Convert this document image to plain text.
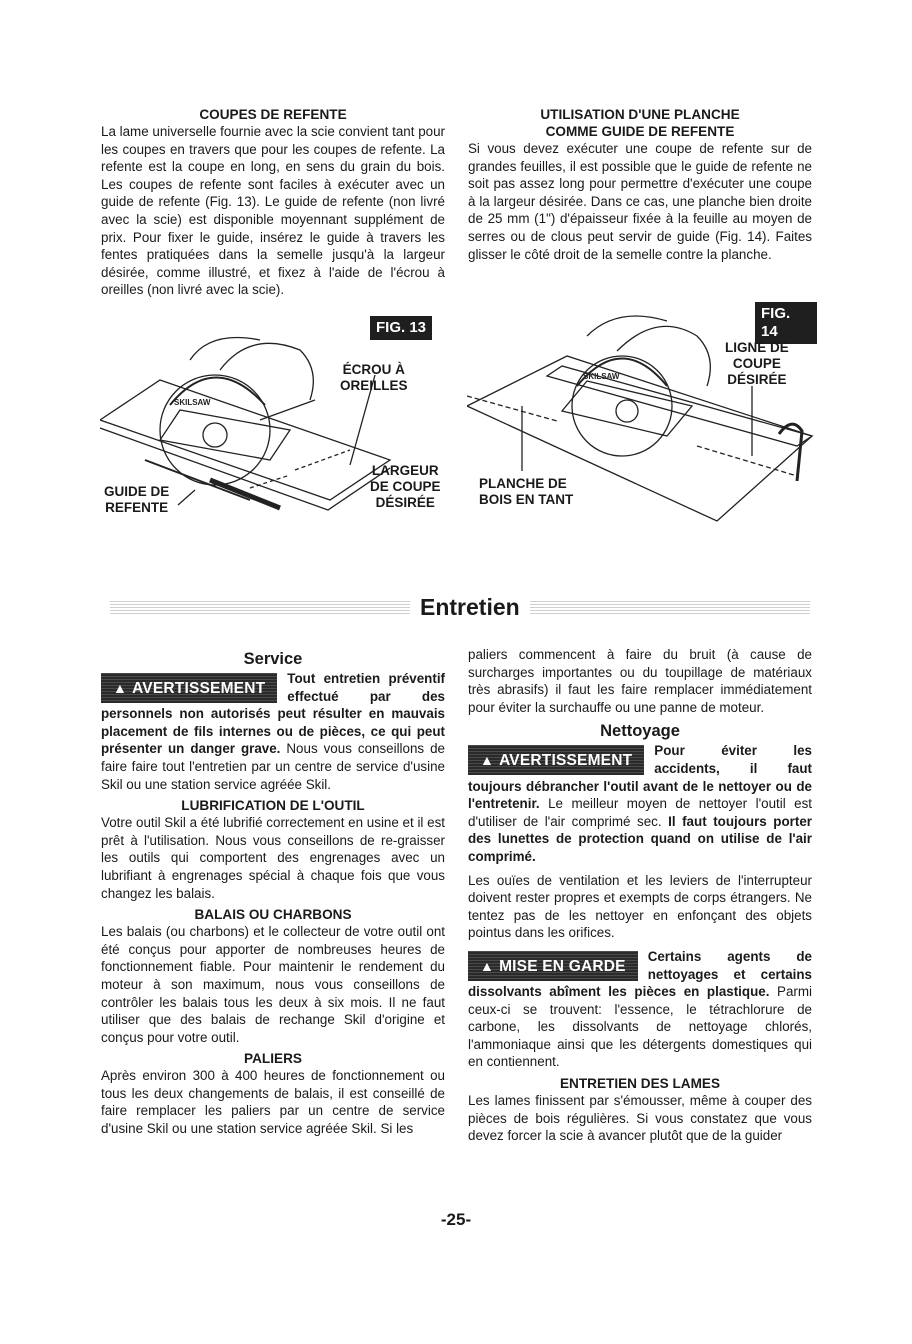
COUPES DE REFENTE

La lame universelle fournie avec la scie convient tant pour les coupes en travers que pour les coupes de refente. La refente est la coupe en long, en sens du grain du bois. Les coupes de refente sont faciles à exécuter avec un guide de refente (Fig. 13). Le guide de refente (non livré avec la scie) est disponible moyennant supplément de prix. Pour fixer le guide, insérez le guide à travers les fentes pratiquées dans la semelle jusqu'à la largeur désirée, comme illustré, et fixez à l'aide de l'écrou à oreilles (non livré avec la scie).

UTILISATION D'UNE PLANCHE
COMME GUIDE DE REFENTE

Si vous devez exécuter une coupe de refente sur de grandes feuilles, il est possible que le guide de refente ne soit pas assez long pour permettre d'exécuter une coupe à la largeur désirée. Dans ce cas, une planche bien droite de 25 mm (1") d'épaisseur fixée à la feuille au moyen de serres ou de clous peut servir de guide (Fig. 14). Faites glisser le côté droit de la semelle contre la planche.

SKILSAW
FIG. 13
ÉCROU À
OREILLES
LARGEUR
DE COUPE
DÉSIRÉE
GUIDE DE
REFENTE
SKILSAW
FIG. 14
LIGNE DE
COUPE
DÉSIRÉE
PLANCHE DE
BOIS EN TANT
Entretien
Service

▲ AVERTISSEMENT
Tout entretien préventif effectué par des personnels non autorisés peut résulter en mauvais placement de fils internes ou de pièces, ce qui peut présenter un danger grave. Nous vous conseillons de faire faire tout l'entretien par un centre de service d'usine Skil ou une station service agréée Skil.

LUBRIFICATION DE L'OUTIL

Votre outil Skil a été lubrifié correctement en usine et il est prêt à l'utilisation. Nous vous conseillons de re-graisser les outils qui comportent des engrenages avec un lubrifiant à engrenages spécial à chaque fois que vous changez les balais.

BALAIS OU CHARBONS

Les balais (ou charbons) et le collecteur de votre outil ont été conçus pour apporter de nombreuses heures de fonctionnement fiable. Pour maintenir le rendement du moteur à son maximum, nous vous conseillons de contrôler les balais tous les deux à six mois. Il ne faut utiliser que des balais de rechange Skil d'origine et conçus pour votre outil.

PALIERS

Après environ 300 à 400 heures de fonctionnement ou tous les deux changements de balais, il est conseillé de faire remplacer les paliers par un centre de service d'usine Skil ou une station service agréée Skil. Si les

paliers commencent à faire du bruit (à cause de surcharges importantes ou du toupillage de matériaux très abrasifs) il faut les faire remplacer immédiatement pour éviter la surchauffe ou une panne de moteur.

Nettoyage

▲ AVERTISSEMENT
Pour éviter les accidents, il faut toujours débrancher l'outil avant de le nettoyer ou de l'entretenir. Le meilleur moyen de nettoyer l'outil est d'utiliser de l'air comprimé sec. Il faut toujours porter des lunettes de protection quand on utilise de l'air comprimé.

Les ouïes de ventilation et les leviers de l'interrupteur doivent rester propres et exempts de corps étrangers. Ne tentez pas de les nettoyer en enfonçant des objets pointus dans les orifices.

▲ MISE EN GARDE
Certains agents de nettoyages et certains dissolvants abîment les pièces en plastique. Parmi ceux-ci se trouvent: l'essence, le tétrachlorure de carbone, les dissolvants de nettoyage chlorés, l'ammoniaque ainsi que les détergents domestiques qui en contiennent.

ENTRETIEN DES LAMES

Les lames finissent par s'émousser, même à couper des pièces de bois régulières. Si vous constatez que vous devez forcer la scie à avancer plutôt que de la guider

-25-
